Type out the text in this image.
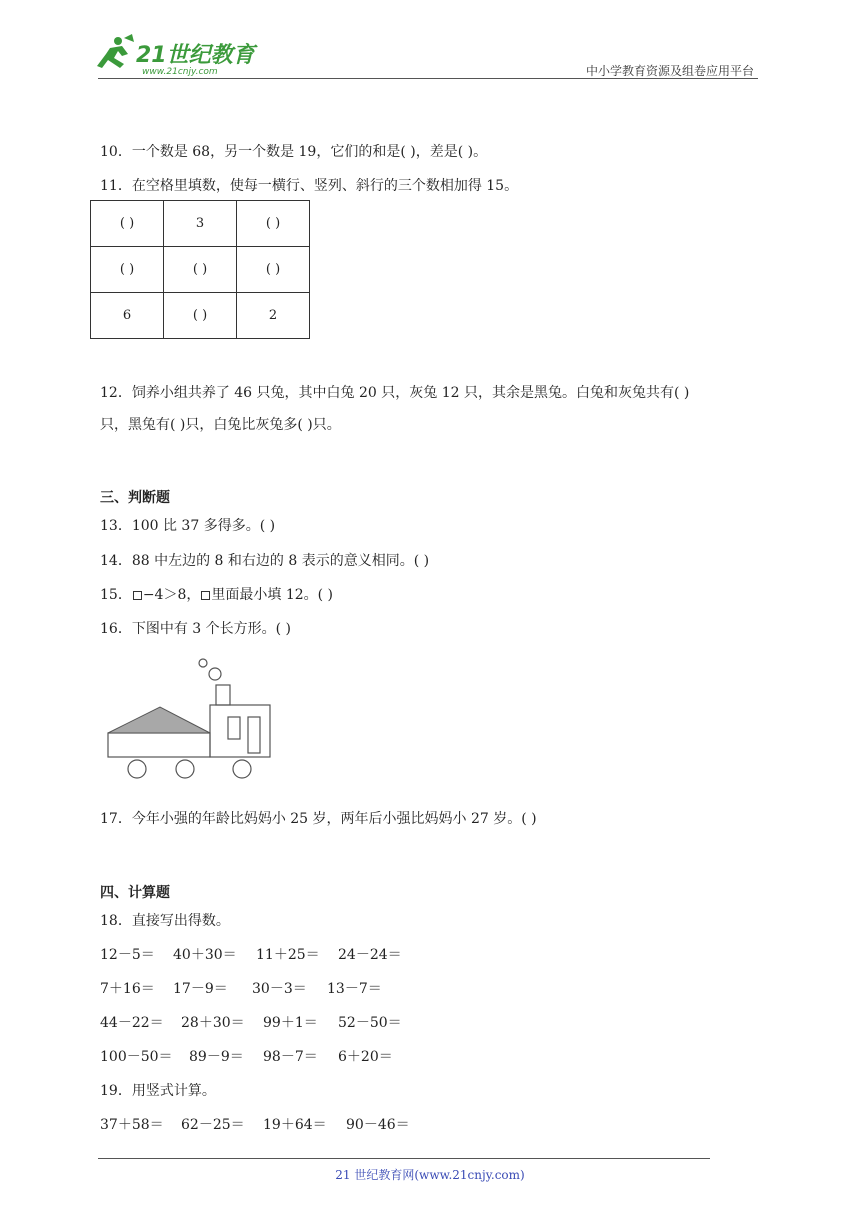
21世纪教育
www.21cnjy.com	中小学教育资源及组卷应用平台
10．一个数是 68，另一个数是 19，它们的和是( )，差是( )。
11．在空格里填数，使每一横行、竖列、斜行的三个数相加得 15。
( )	3	( )
( )	( )	( )
6	( )	2
12．饲养小组共养了 46 只兔，其中白兔 20 只，灰兔 12 只，其余是黑兔。白兔和灰兔共有( )
只，黑兔有( )只，白兔比灰兔多( )只。
三、判断题
13．100 比 37 多得多。( )
14．88 中左边的 8 和右边的 8 表示的意义相同。( )
15． −4＞8， 里面最小填 12。( )
16．下图中有 3 个长方形。( )
17．今年小强的年龄比妈妈小 25 岁，两年后小强比妈妈小 27 岁。( )
四、计算题
18．直接写出得数。
12－5＝ 40＋30＝ 11＋25＝ 24－24＝
7＋16＝ 17－9＝ 30－3＝ 13－7＝
44－22＝ 28＋30＝ 99＋1＝ 52－50＝
100－50＝ 89－9＝ 98－7＝ 6＋20＝
19．用竖式计算。
37＋58＝ 62－25＝ 19＋64＝ 90－46＝
21 世纪教育网(www.21cnjy.com)
